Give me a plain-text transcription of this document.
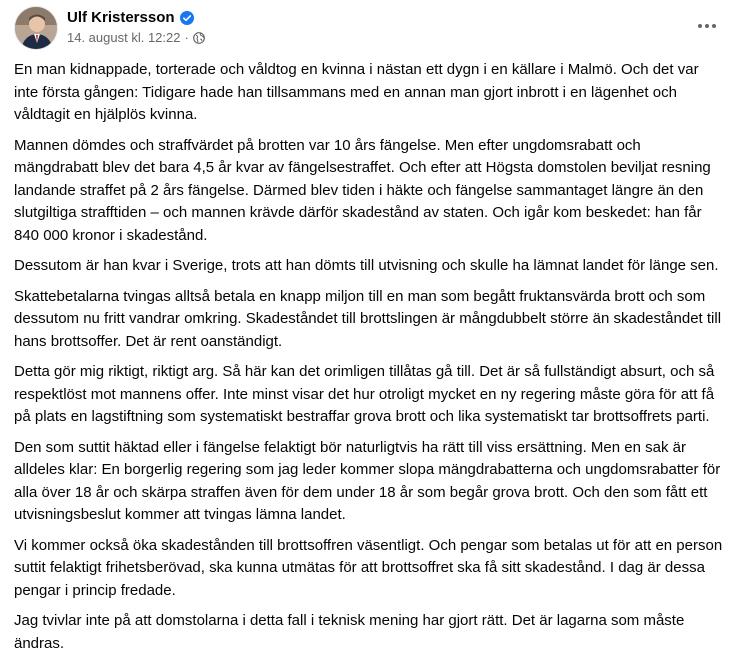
Ulf Kristersson
14. august kl. 12:22 ·

En man kidnappade, torterade och våldtog en kvinna i nästan ett dygn i en källare i Malmö. Och det var inte första gången: Tidigare hade han tillsammans med en annan man gjort inbrott i en lägenhet och våldtagit en hjälplös kvinna.

Mannen dömdes och straffvärdet på brotten var 10 års fängelse. Men efter ungdomsrabatt och mängdrabatt blev det bara 4,5 år kvar av fängelsestraffet. Och efter att Högsta domstolen beviljat resning landande straffet på 2 års fängelse. Därmed blev tiden i häkte och fängelse sammantaget längre än den slutgiltiga strafftiden – och mannen krävde därför skadestånd av staten. Och igår kom beskedet: han får 840 000 kronor i skadestånd.

Dessutom är han kvar i Sverige, trots att han dömts till utvisning och skulle ha lämnat landet för länge sen.

Skattebetalarna tvingas alltså betala en knapp miljon till en man som begått fruktansvärda brott och som dessutom nu fritt vandrar omkring. Skadeståndet till brottslingen är mångdubbelt större än skadeståndet till hans brottsoffer. Det är rent oanständigt.

Detta gör mig riktigt, riktigt arg. Så här kan det orimligen tillåtas gå till. Det är så fullständigt absurt, och så respektlöst mot mannens offer. Inte minst visar det hur otroligt mycket en ny regering måste göra för att få på plats en lagstiftning som systematiskt bestraffar grova brott och lika systematiskt tar brottsoffrets parti.

Den som suttit häktad eller i fängelse felaktigt bör naturligtvis ha rätt till viss ersättning. Men en sak är alldeles klar: En borgerlig regering som jag leder kommer slopa mängdrabatterna och ungdomsrabatter för alla över 18 år och skärpa straffen även för dem under 18 år som begår grova brott. Och den som fått ett utvisningsbeslut kommer att tvingas lämna landet.

Vi kommer också öka skadestånden till brottsoffren väsentligt. Och pengar som betalas ut för att en person suttit felaktigt frihetsberövad, ska kunna utmätas för att brottsoffret ska få sitt skadestånd. I dag är dessa pengar i princip fredade.

Jag tvivlar inte på att domstolarna i detta fall i teknisk mening har gjort rätt. Det är lagarna som måste ändras.
